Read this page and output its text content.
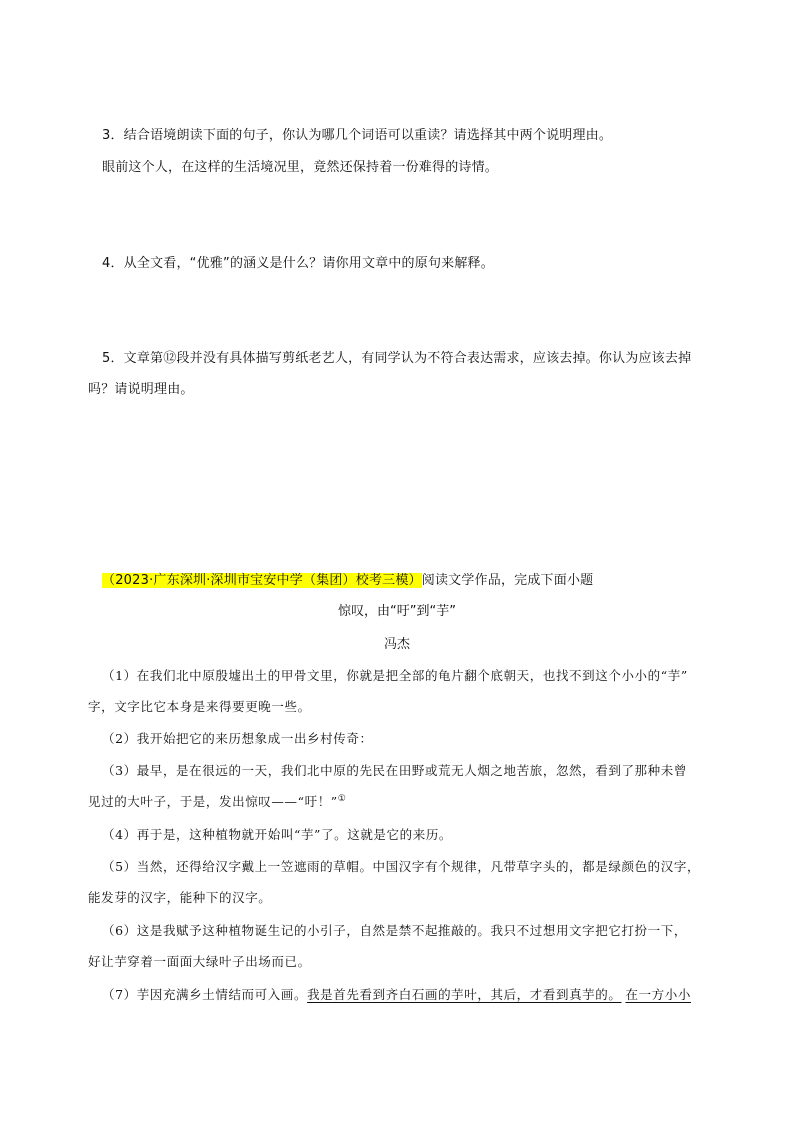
3．结合语境朗读下面的句子，你认为哪几个词语可以重读？请选择其中两个说明理由。
眼前这个人，在这样的生活境况里，竟然还保持着一份难得的诗情。
4．从全文看，“优雅”的涵义是什么？请你用文章中的原句来解释。
5．文章第⑫段并没有具体描写剪纸老艺人，有同学认为不符合表达需求，应该去掉。你认为应该去掉
吗？请说明理由。
（2023·广东深圳·深圳市宝安中学（集团）校考三模）阅读文学作品，完成下面小题
惊叹，由“吁”到“芋”
冯杰
（1）在我们北中原殷墟出土的甲骨文里，你就是把全部的龟片翻个底朝天，也找不到这个小小的“芋”
字，文字比它本身是来得要更晚一些。
（2）我开始把它的来历想象成一出乡村传奇：
（3）最早，是在很远的一天，我们北中原的先民在田野或荒无人烟之地苦旅，忽然，看到了那种未曾
见过的大叶子，于是，发出惊叹——“吁！”①
（4）再于是，这种植物就开始叫“芋”了。这就是它的来历。
（5）当然，还得给汉字戴上一笠遮雨的草帽。中国汉字有个规律，凡带草字头的，都是绿颜色的汉字，
能发芽的汉字，能种下的汉字。
（6）这是我赋予这种植物诞生记的小引子，自然是禁不起推敲的。我只不过想用文字把它打扮一下，
好让芋穿着一面面大绿叶子出场而已。
（7）芋因充满乡土情结而可入画。我是首先看到齐白石画的芋叶，其后，才看到真芋的。 在一方小小
